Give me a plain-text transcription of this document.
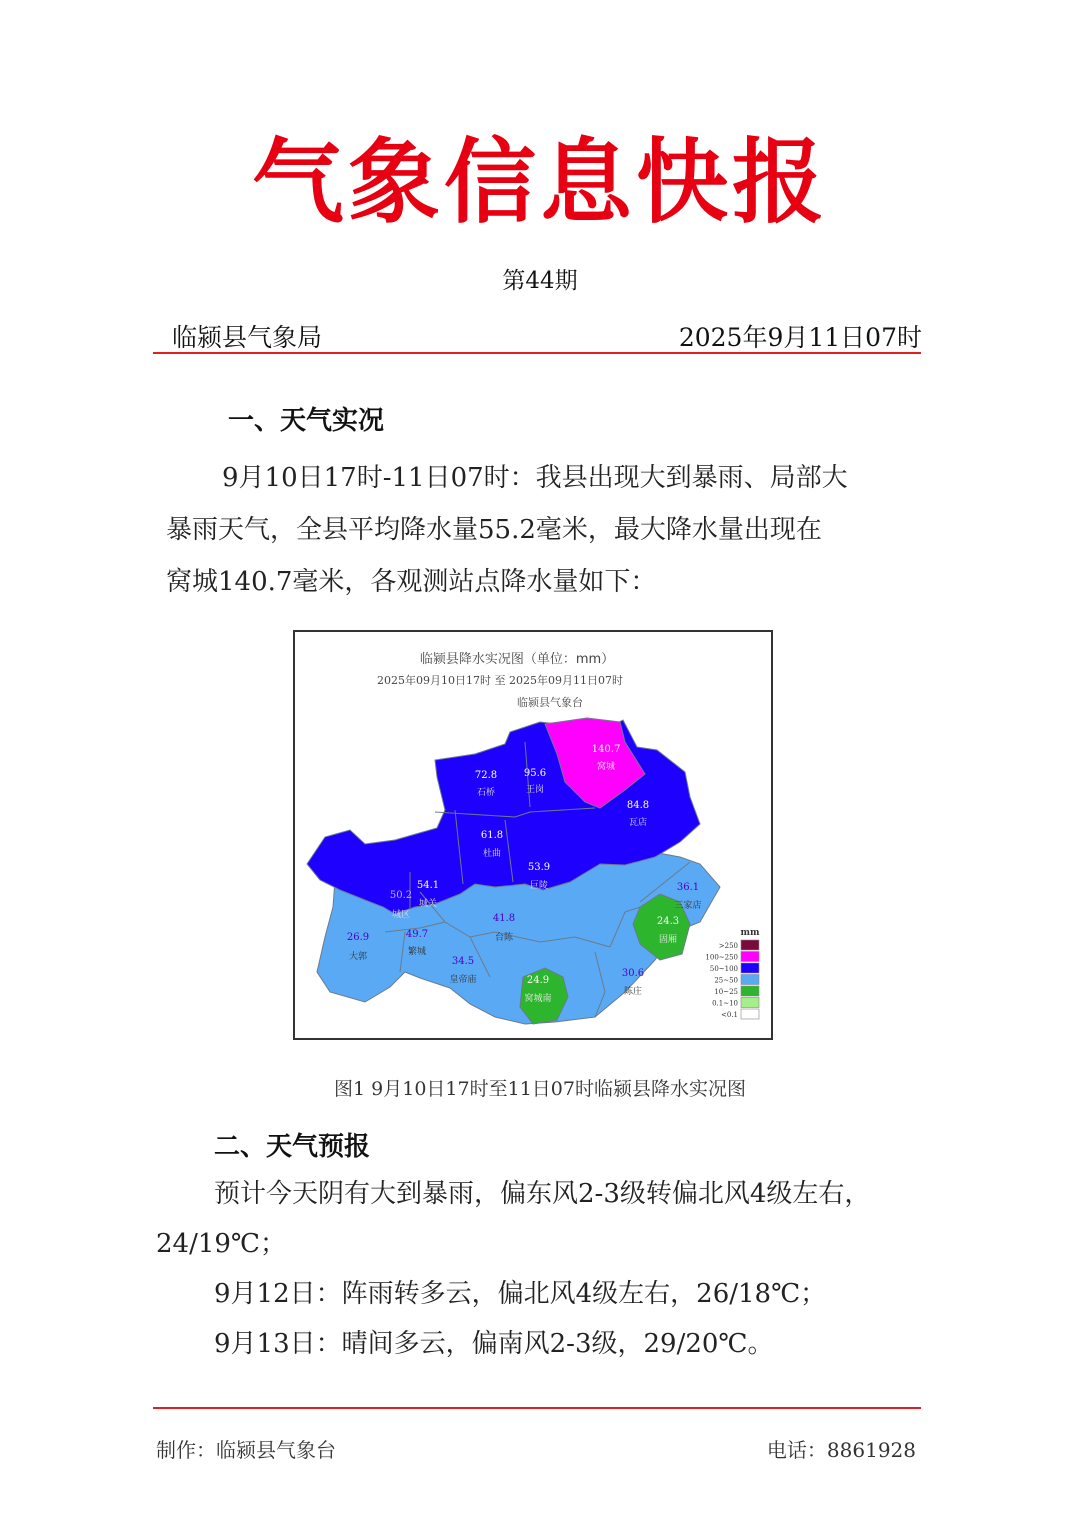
气象信息快报
第44期
临颍县气象局	2025年9月11日07时
一、天气实况
9月10日17时-11日07时：我县出现大到暴雨、局部大
暴雨天气，全县平均降水量55.2毫米，最大降水量出现在
窝城140.7毫米，各观测站点降水量如下：
临颍县降水实况图（单位：mm）
2025年09月10日17时 至 2025年09月11日07时
临颍县气象台
140.7
窝城
95.6
王岗
72.8
石桥
84.8
瓦店
61.8
杜曲
53.9
巨陵
54.1
城关
50.2
城区
36.1
三家店
41.8
台陈
24.3
固厢
26.9
大郭
49.7
繁城
34.5
皇帝庙	24.9
窝城南
30.6
陈庄
mm
>250
100~250
50~100
25~50
10~25
0.1~10
<0.1
图1 9月10日17时至11日07时临颍县降水实况图
二、天气预报
预计今天阴有大到暴雨，偏东风2-3级转偏北风4级左右，
24/19℃；
9月12日：阵雨转多云，偏北风4级左右，26/18℃；
9月13日：晴间多云，偏南风2-3级，29/20℃。
制作：临颍县气象台	电话：8861928
